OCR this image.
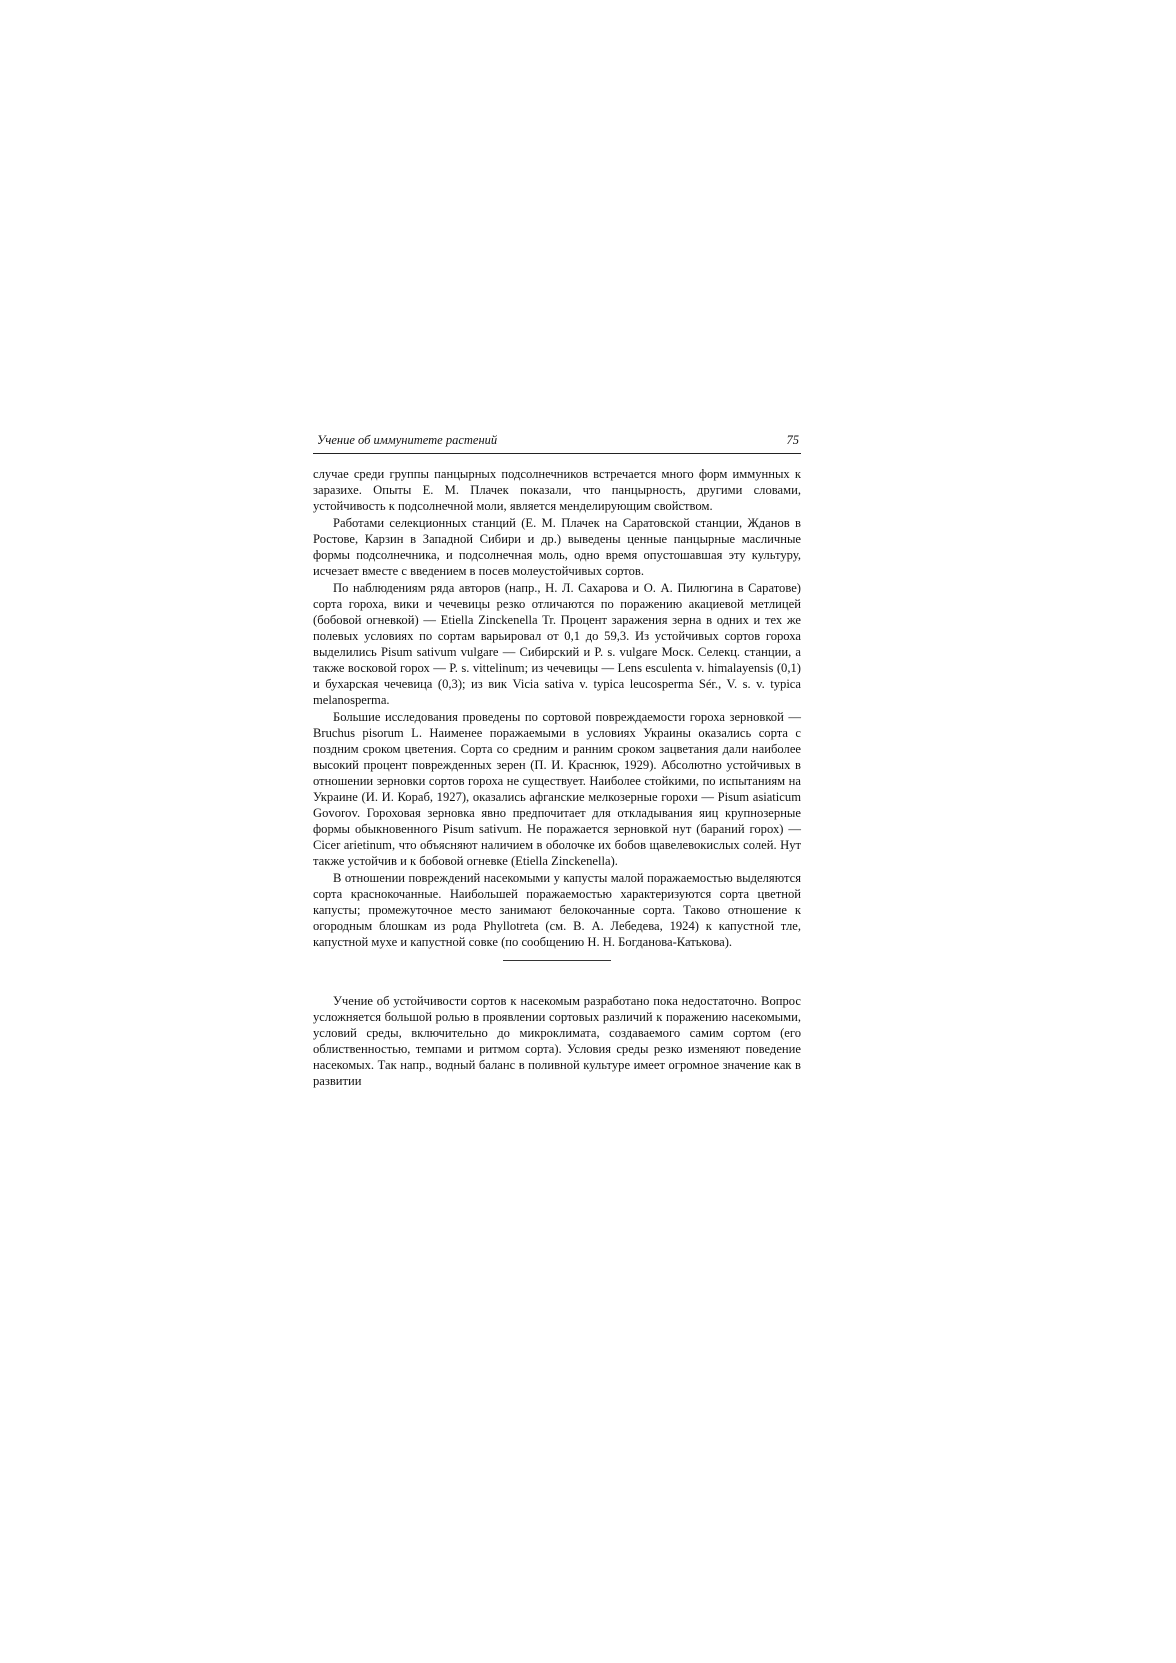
Учение об иммунитете растений	75

случае среди группы панцырных подсолнечников встречается много форм иммунных к заразихе. Опыты Е. М. Плачек показали, что панцырность, другими словами, устойчивость к подсолнечной моли, является менделирующим свойством.

Работами селекционных станций (Е. М. Плачек на Саратовской станции, Жданов в Ростове, Карзин в Западной Сибири и др.) выведены ценные панцырные масличные формы подсолнечника, и подсолнечная моль, одно время опустошавшая эту культуру, исчезает вместе с введением в посев молеустойчивых сортов.

По наблюдениям ряда авторов (напр., Н. Л. Сахарова и О. А. Пилюгина в Саратове) сорта гороха, вики и чечевицы резко отличаются по поражению акациевой метлицей (бобовой огневкой) — Etiella Zinckenella Tr. Процент заражения зерна в одних и тех же полевых условиях по сортам варьировал от 0,1 до 59,3. Из устойчивых сортов гороха выделились Pisum sativum vulgare — Сибирский и P. s. vulgare Моск. Селекц. станции, а также восковой горох — P. s. vittelinum; из чечевицы — Lens esculenta v. himalayensis (0,1) и бухарская чечевица (0,3); из вик Vicia sativa v. typica leucosperma Sér., V. s. v. typica melanosperma.

Большие исследования проведены по сортовой повреждаемости гороха зерновкой — Bruchus pisorum L. Наименее поражаемыми в условиях Украины оказались сорта с поздним сроком цветения. Сорта со средним и ранним сроком зацветания дали наиболее высокий процент поврежденных зерен (П. И. Краснюк, 1929). Абсолютно устойчивых в отношении зерновки сортов гороха не существует. Наиболее стойкими, по испытаниям на Украине (И. И. Кораб, 1927), оказались афганские мелкозерные горохи — Pisum asiaticum Govorov. Гороховая зерновка явно предпочитает для откладывания яиц крупнозерные формы обыкновенного Pisum sativum. Не поражается зерновкой нут (бараний горох) — Cicer arietinum, что объясняют наличием в оболочке их бобов щавелевокислых солей. Нут также устойчив и к бобовой огневке (Etiella Zinckenella).

В отношении повреждений насекомыми у капусты малой поражаемостью выделяются сорта краснокочанные. Наибольшей поражаемостью характеризуются сорта цветной капусты; промежуточное место занимают белокочанные сорта. Таково отношение к огородным блошкам из рода Phyllotreta (см. В. А. Лебедева, 1924) к капустной тле, капустной мухе и капустной совке (по сообщению Н. Н. Богданова-Катькова).

Учение об устойчивости сортов к насекомым разработано пока недостаточно. Вопрос усложняется большой ролью в проявлении сортовых различий к поражению насекомыми, условий среды, включительно до микроклимата, создаваемого самим сортом (его облиственностью, темпами и ритмом сорта). Условия среды резко изменяют поведение насекомых. Так напр., водный баланс в поливной культуре имеет огромное значение как в развитии
